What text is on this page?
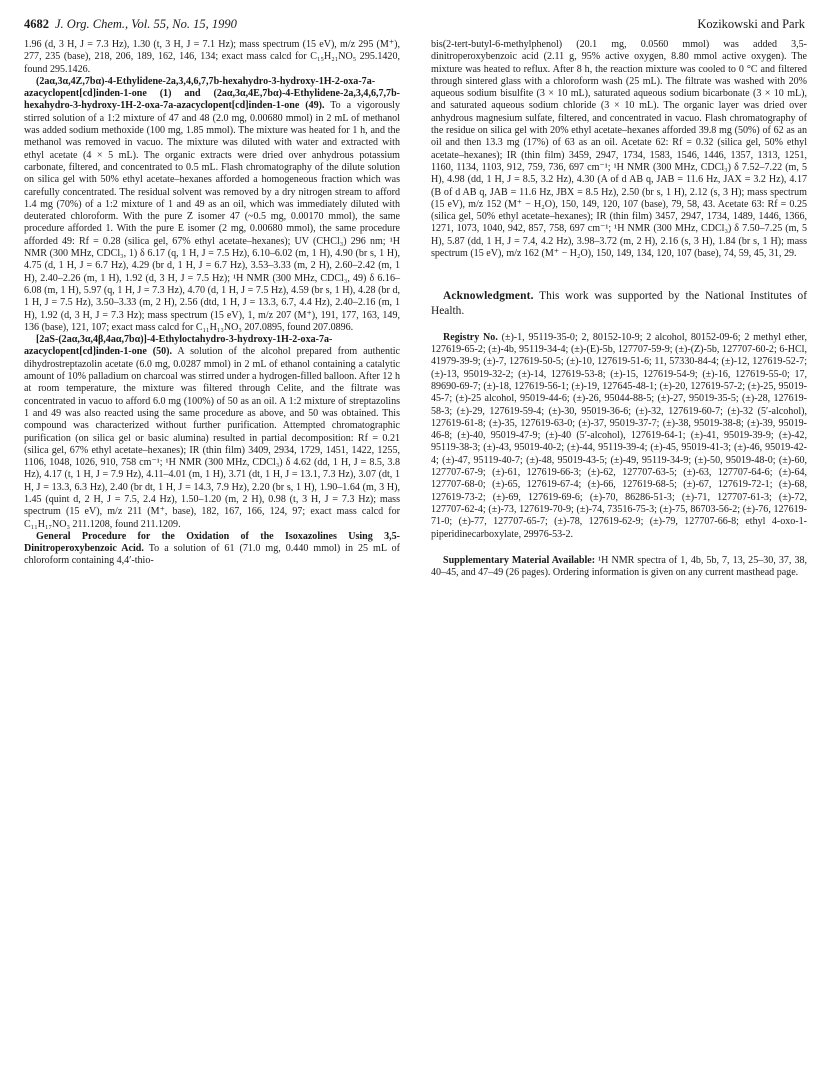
4682 J. Org. Chem., Vol. 55, No. 15, 1990	Kozikowski and Park

1.96 (d, 3 H, J = 7.3 Hz), 1.30 (t, 3 H, J = 7.1 Hz); mass spectrum (15 eV), m/z 295 (M⁺), 277, 235 (base), 218, 206, 189, 162, 146, 134; exact mass calcd for C₁₅H₂₁NO₅ 295.1420, found 295.1426.

(2aα,3α,4Z,7bα)-4-Ethylidene-2a,3,4,6,7,7b-hexahydro-3-hydroxy-1H-2-oxa-7a-azacyclopent[cd]inden-1-one (1) and (2aα,3α,4E,7bα)-4-Ethylidene-2a,3,4,6,7,7b-hexahydro-3-hydroxy-1H-2-oxa-7a-azacyclopent[cd]inden-1-one (49). To a vigorously stirred solution of a 1:2 mixture of 47 and 48 (2.0 mg, 0.00680 mmol) in 2 mL of methanol was added sodium methoxide (100 mg, 1.85 mmol). The mixture was heated for 1 h, and the methanol was removed in vacuo. The mixture was diluted with water and extracted with ethyl acetate (4 × 5 mL). The organic extracts were dried over anhydrous potassium carbonate, filtered, and concentrated to 0.5 mL. Flash chromatography of the dilute solution on silica gel with 50% ethyl acetate–hexanes afforded a homogeneous fraction which was carefully concentrated. The residual solvent was removed by a dry nitrogen stream to afford 1.4 mg (70%) of a 1:2 mixture of 1 and 49 as an oil, which was immediately diluted with deuterated chloroform. With the pure Z isomer 47 (~0.5 mg, 0.00170 mmol), the same procedure afforded 1. With the pure E isomer (2 mg, 0.00680 mmol), the same procedure afforded 49: Rf = 0.28 (silica gel, 67% ethyl acetate–hexanes); UV (CHCl₃) 296 nm; ¹H NMR (300 MHz, CDCl₃, 1) δ 6.17 (q, 1 H, J = 7.5 Hz), 6.10–6.02 (m, 1 H), 4.90 (br s, 1 H), 4.75 (d, 1 H, J = 6.7 Hz), 4.29 (br d, 1 H, J = 6.7 Hz), 3.53–3.33 (m, 2 H), 2.60–2.42 (m, 1 H), 2.40–2.26 (m, 1 H), 1.92 (d, 3 H, J = 7.5 Hz); ¹H NMR (300 MHz, CDCl₃, 49) δ 6.16–6.08 (m, 1 H), 5.97 (q, 1 H, J = 7.3 Hz), 4.70 (d, 1 H, J = 7.5 Hz), 4.59 (br s, 1 H), 4.28 (br d, 1 H, J = 7.5 Hz), 3.50–3.33 (m, 2 H), 2.56 (dtd, 1 H, J = 13.3, 6.7, 4.4 Hz), 2.40–2.16 (m, 1 H), 1.92 (d, 3 H, J = 7.3 Hz); mass spectrum (15 eV), 1, m/z 207 (M⁺), 191, 177, 163, 149, 136 (base), 121, 107; exact mass calcd for C₁₁H₁₃NO₃ 207.0895, found 207.0896.

[2aS-(2aα,3α,4β,4aα,7bα)]-4-Ethyloctahydro-3-hydroxy-1H-2-oxa-7a-azacyclopent[cd]inden-1-one (50). A solution of the alcohol prepared from authentic dihydrostreptazolin acetate (6.0 mg, 0.0287 mmol) in 2 mL of ethanol containing a catalytic amount of 10% palladium on charcoal was stirred under a hydrogen-filled balloon. After 12 h at room temperature, the mixture was filtered through Celite, and the filtrate was concentrated in vacuo to afford 6.0 mg (100%) of 50 as an oil. A 1:2 mixture of streptazolins 1 and 49 was also reacted using the same procedure as above, and 50 was obtained. This compound was characterized without further purification. Attempted chromatographic purification (on silica gel or basic alumina) resulted in partial decomposition: Rf = 0.21 (silica gel, 67% ethyl acetate–hexanes); IR (thin film) 3409, 2934, 1729, 1451, 1422, 1255, 1106, 1048, 1026, 910, 758 cm⁻¹; ¹H NMR (300 MHz, CDCl₃) δ 4.62 (dd, 1 H, J = 8.5, 3.8 Hz), 4.17 (t, 1 H, J = 7.9 Hz), 4.11–4.01 (m, 1 H), 3.71 (dt, 1 H, J = 13.1, 7.3 Hz), 3.07 (dt, 1 H, J = 13.3, 6.3 Hz), 2.40 (br dt, 1 H, J = 14.3, 7.9 Hz), 2.20 (br s, 1 H), 1.90–1.64 (m, 3 H), 1.45 (quint d, 2 H, J = 7.5, 2.4 Hz), 1.50–1.20 (m, 2 H), 0.98 (t, 3 H, J = 7.3 Hz); mass spectrum (15 eV), m/z 211 (M⁺, base), 182, 167, 166, 124, 97; exact mass calcd for C₁₁H₁₇NO₃ 211.1208, found 211.1209.

General Procedure for the Oxidation of the Isoxazolines Using 3,5-Dinitroperoxybenzoic Acid. To a solution of 61 (71.0 mg, 0.440 mmol) in 25 mL of chloroform containing 4,4′-thio-

bis(2-tert-butyl-6-methylphenol) (20.1 mg, 0.0560 mmol) was added 3,5-dinitroperoxybenzoic acid (2.11 g, 95% active oxygen, 8.80 mmol active oxygen). The mixture was heated to reflux. After 8 h, the reaction mixture was cooled to 0 °C and filtered through sintered glass with a chloroform wash (25 mL). The filtrate was washed with 20% aqueous sodium bisulfite (3 × 10 mL), saturated aqueous sodium bicarbonate (3 × 10 mL), and saturated aqueous sodium chloride (3 × 10 mL). The organic layer was dried over anhydrous magnesium sulfate, filtered, and concentrated in vacuo. Flash chromatography of the residue on silica gel with 20% ethyl acetate–hexanes afforded 39.8 mg (50%) of 62 as an oil and then 13.3 mg (17%) of 63 as an oil. Acetate 62: Rf = 0.32 (silica gel, 50% ethyl acetate–hexanes); IR (thin film) 3459, 2947, 1734, 1583, 1546, 1446, 1357, 1313, 1251, 1160, 1134, 1103, 912, 759, 736, 697 cm⁻¹; ¹H NMR (300 MHz, CDCl₃) δ 7.52–7.22 (m, 5 H), 4.98 (dd, 1 H, J = 8.5, 3.2 Hz), 4.30 (A of d AB q, JAB = 11.6 Hz, JAX = 3.2 Hz), 4.17 (B of d AB q, JAB = 11.6 Hz, JBX = 8.5 Hz), 2.50 (br s, 1 H), 2.12 (s, 3 H); mass spectrum (15 eV), m/z 152 (M⁺ − H₂O), 150, 149, 120, 107 (base), 79, 58, 43. Acetate 63: Rf = 0.25 (silica gel, 50% ethyl acetate–hexanes); IR (thin film) 3457, 2947, 1734, 1489, 1446, 1366, 1271, 1073, 1040, 942, 857, 758, 697 cm⁻¹; ¹H NMR (300 MHz, CDCl₃) δ 7.50–7.25 (m, 5 H), 5.87 (dd, 1 H, J = 7.4, 4.2 Hz), 3.98–3.72 (m, 2 H), 2.16 (s, 3 H), 1.84 (br s, 1 H); mass spectrum (15 eV), m/z 162 (M⁺ − H₂O), 150, 149, 134, 120, 107 (base), 74, 59, 45, 31, 29.

Acknowledgment. This work was supported by the National Institutes of Health.

Registry No. (±)-1, 95119-35-0; 2, 80152-10-9; 2 alcohol, 80152-09-6; 2 methyl ether, 127619-65-2; (±)-4b, 95119-34-4; (±)-(E)-5b, 127707-59-9; (±)-(Z)-5b, 127707-60-2; 6-HCl, 41979-39-9; (±)-7, 127619-50-5; (±)-10, 127619-51-6; 11, 57330-84-4; (±)-12, 127619-52-7; (±)-13, 95019-32-2; (±)-14, 127619-53-8; (±)-15, 127619-54-9; (±)-16, 127619-55-0; 17, 89690-69-7; (±)-18, 127619-56-1; (±)-19, 127645-48-1; (±)-20, 127619-57-2; (±)-25, 95019-45-7; (±)-25 alcohol, 95019-44-6; (±)-26, 95044-88-5; (±)-27, 95019-35-5; (±)-28, 127619-58-3; (±)-29, 127619-59-4; (±)-30, 95019-36-6; (±)-32, 127619-60-7; (±)-32 (5′-alcohol), 127619-61-8; (±)-35, 127619-63-0; (±)-37, 95019-37-7; (±)-38, 95019-38-8; (±)-39, 95019-46-8; (±)-40, 95019-47-9; (±)-40 (5′-alcohol), 127619-64-1; (±)-41, 95019-39-9; (±)-42, 95119-38-3; (±)-43, 95019-40-2; (±)-44, 95119-39-4; (±)-45, 95019-41-3; (±)-46, 95019-42-4; (±)-47, 95119-40-7; (±)-48, 95019-43-5; (±)-49, 95119-34-9; (±)-50, 95019-48-0; (±)-60, 127707-67-9; (±)-61, 127619-66-3; (±)-62, 127707-63-5; (±)-63, 127707-64-6; (±)-64, 127707-68-0; (±)-65, 127619-67-4; (±)-66, 127619-68-5; (±)-67, 127619-72-1; (±)-68, 127619-73-2; (±)-69, 127619-69-6; (±)-70, 86286-51-3; (±)-71, 127707-61-3; (±)-72, 127707-62-4; (±)-73, 127619-70-9; (±)-74, 73516-75-3; (±)-75, 86703-56-2; (±)-76, 127619-71-0; (±)-77, 127707-65-7; (±)-78, 127619-62-9; (±)-79, 127707-66-8; ethyl 4-oxo-1-piperidinecarboxylate, 29976-53-2.

Supplementary Material Available: ¹H NMR spectra of 1, 4b, 5b, 7, 13, 25–30, 37, 38, 40–45, and 47–49 (26 pages). Ordering information is given on any current masthead page.
